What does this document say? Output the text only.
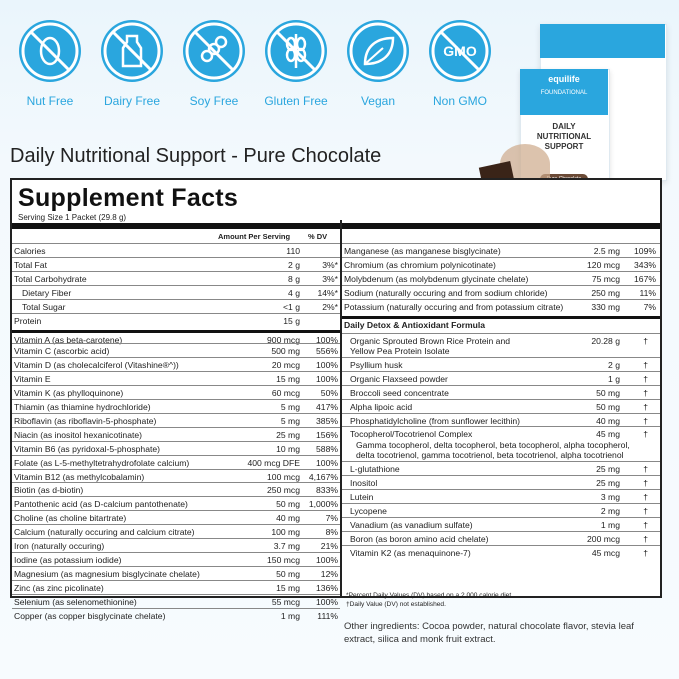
Nut Free	Dairy Free	Soy Free	Gluten Free	Vegan
GMO
Non GMO
equilife
FOUNDATIONAL
DAILY NUTRITIONAL SUPPORT
Daily Nutritional Support - Pure Chocolate
Supplement Facts
Serving Size 1 Packet (29.8 g)
Amount Per Serving % DV
Calories	110
Total Fat	2 g	3%*
Total Carbohydrate	8 g	3%*
Dietary Fiber	4 g 14%*
Total Sugar	<1 g	2%*
Protein	15 g
Vitamin A (as beta-carotene)	900 mcg 100%
Vitamin C (ascorbic acid)	500 mg 556%
Vitamin D (as cholecalciferol (Vitashine®^))	20 mcg 100%
Vitamin E	15 mg 100%
Vitamin K (as phylloquinone)	60 mcg 50%
Thiamin (as thiamine hydrochloride)	5 mg 417%
Riboflavin (as riboflavin-5-phosphate)	5 mg 385%
Niacin (as inositol hexanicotinate)	25 mg 156%
Vitamin B6 (as pyridoxal-5-phosphate)	10 mg 588%
Folate (as L-5-methyltetrahydrofolate calcium)	400 mcg DFE 100%
Vitamin B12 (as methylcobalamin)	100 mcg 4,167%
Biotin (as d-biotin)	250 mcg 833%
Pantothenic acid (as D-calcium pantothenate)	50 mg 1,000%
Choline (as choline bitartrate)	40 mg	7%
Calcium (naturally occuring and calcium citrate)	100 mg	8%
Iron (naturally occuring)	3.7 mg 21%
Iodine (as potassium iodide)	150 mcg 100%
Magnesium (as magnesium bisglycinate chelate)	50 mg 12%
Zinc (as zinc picolinate)	15 mg 136%
Selenium (as selenomethionine)	55 mcg 100%
Copper (as copper bisglycinate chelate)	1 mg 111%
Manganese (as manganese bisglycinate)	2.5 mg 109%
Chromium (as chromium polynicotinate)	120 mcg 343%
Molybdenum (as molybdenum glycinate chelate)	75 mcg 167%
Sodium (naturally occuring and from sodium chloride)	250 mg 11%
Potassium (naturally occuring and from potassium citrate)	330 mg	7%
Daily Detox & Antioxidant Formula
Organic Sprouted Brown Rice Protein and
Yellow Pea Protein Isolate
20.28 g	†
Psyllium husk	2 g	†
Organic Flaxseed powder	1 g	†
Broccoli seed concentrate	50 mg	†
Alpha lipoic acid	50 mg	†
Phosphatidylcholine (from sunflower lecithin)	40 mg	†
Tocopherol/Tocotrienol Complex
Gamma tocopherol, delta tocopherol, beta tocopherol, alpha tocopherol,
delta tocotrienol, gamma tocotrienol, beta tocotrienol, alpha tocotrienol
45 mg	†
L-glutathione	25 mg	†
Inositol	25 mg	†
Lutein	3 mg	†
Lycopene	2 mg	†
Vanadium (as vanadium sulfate)	1 mg	†
Boron (as boron amino acid chelate)	200 mcg	†
Vitamin K2 (as menaquinone-7)	45 mcg	†
*Percent Daily Values (DV) based on a 2,000 calorie diet.
†Daily Value (DV) not established.
Other ingredients: Cocoa powder, natural chocolate flavor, stevia leaf extract, silica and monk fruit extract.
